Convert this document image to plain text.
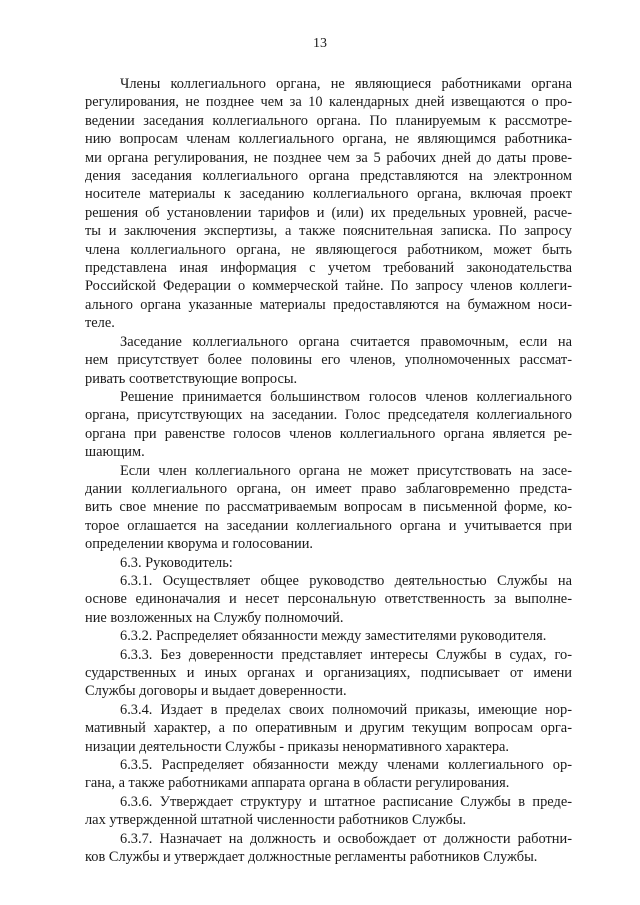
13

Члены коллегиального органа, не являющиеся работниками органа
регулирования, не позднее чем за 10 календарных дней извещаются о про-
ведении заседания коллегиального органа. По планируемым к рассмотре-
нию вопросам членам коллегиального органа, не являющимся работника-
ми органа регулирования, не позднее чем за 5 рабочих дней до даты прове-
дения заседания коллегиального органа представляются на электронном
носителе материалы к заседанию коллегиального органа, включая проект
решения об установлении тарифов и (или) их предельных уровней, расче-
ты и заключения экспертизы, а также пояснительная записка. По запросу
члена коллегиального органа, не являющегося работником, может быть
представлена иная информация с учетом требований законодательства
Российской Федерации о коммерческой тайне. По запросу членов коллеги-
ального органа указанные материалы предоставляются на бумажном носи-
теле.

Заседание коллегиального органа считается правомочным, если на
нем присутствует более половины его членов, уполномоченных рассмат-
ривать соответствующие вопросы.

Решение принимается большинством голосов членов коллегиального
органа, присутствующих на заседании. Голос председателя коллегиального
органа при равенстве голосов членов коллегиального органа является ре-
шающим.

Если член коллегиального органа не может присутствовать на засе-
дании коллегиального органа, он имеет право заблаговременно предста-
вить свое мнение по рассматриваемым вопросам в письменной форме, ко-
торое оглашается на заседании коллегиального органа и учитывается при
определении кворума и голосовании.

6.3. Руководитель:

6.3.1. Осуществляет общее руководство деятельностью Службы на
основе единоначалия и несет персональную ответственность за выполне-
ние возложенных на Службу полномочий.

6.3.2. Распределяет обязанности между заместителями руководителя.

6.3.3. Без доверенности представляет интересы Службы в судах, го-
сударственных и иных органах и организациях, подписывает от имени
Службы договоры и выдает доверенности.

6.3.4. Издает в пределах своих полномочий приказы, имеющие нор-
мативный характер, а по оперативным и другим текущим вопросам орга-
низации деятельности Службы - приказы ненормативного характера.

6.3.5. Распределяет обязанности между членами коллегиального ор-
гана, а также работниками аппарата органа в области регулирования.

6.3.6. Утверждает структуру и штатное расписание Службы в преде-
лах утвержденной штатной численности работников Службы.

6.3.7. Назначает на должность и освобождает от должности работни-
ков Службы и утверждает должностные регламенты работников Службы.
